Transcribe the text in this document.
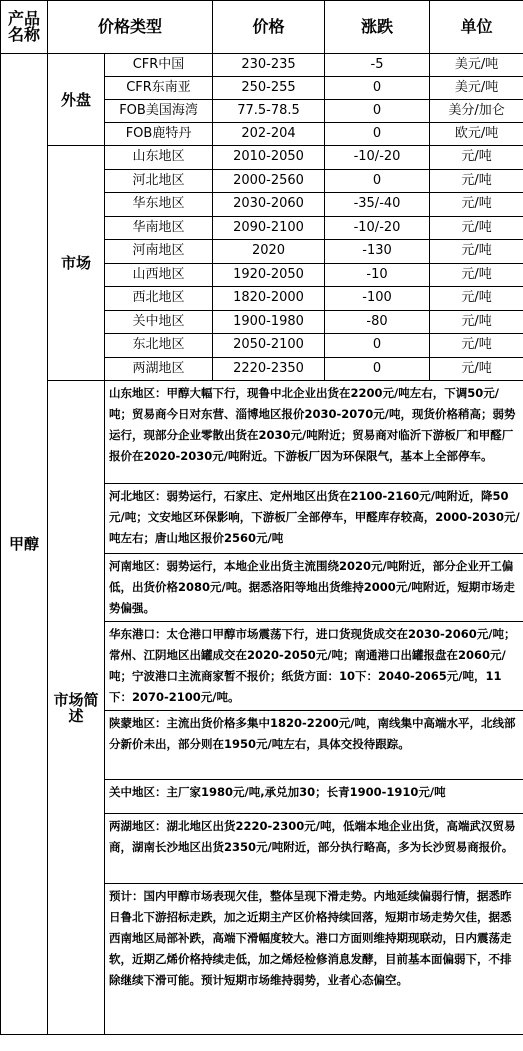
产品名称	价格类型		价格	涨跌	单位
甲醇	外盘	CFR中国	230-235	-5	美元/吨
		CFR东南亚	250-255	0	美元/吨
		FOB美国海湾	77.5-78.5	0	美分/加仑
		FOB鹿特丹	202-204	0	欧元/吨
	市场	山东地区	2010-2050	-10/-20	元/吨
		河北地区	2000-2560	0	元/吨
		华东地区	2030-2060	-35/-40	元/吨
		华南地区	2090-2100	-10/-20	元/吨
		河南地区	2020	-130	元/吨
		山西地区	1920-2050	-10	元/吨
		西北地区	1820-2000	-100	元/吨
		关中地区	1900-1980	-80	元/吨
		东北地区	2050-2100	0	元/吨
		两湖地区	2220-2350	0	元/吨
	市场简述	山东地区：甲醇大幅下行，现鲁中北企业出货在2200元/吨左右，下调50元/吨；贸易商今日对东营、淄博地区报价2030-2070元/吨，现货价格稍高；弱势运行，现部分企业零散出货在2030元/吨附近；贸易商对临沂下游板厂和甲醛厂报价在2020-2030元/吨附近。下游板厂因为环保限气，基本上全部停车。			
		河北地区：弱势运行，石家庄、定州地区出货在2100-2160元/吨附近，降50元/吨；文安地区环保影响，下游板厂全部停车，甲醛库存较高，2000-2030元/吨左右；唐山地区报价2560元/吨			
		河南地区：弱势运行，本地企业出货主流围绕2020元/吨附近，部分企业开工偏低，出货价格2080元/吨。据悉洛阳等地出货维持2000元/吨附近，短期市场走势偏强。			
		华东港口：太仓港口甲醇市场震荡下行，进口货现货成交在2030-2060元/吨；常州、江阴地区出罐成交在2020-2050元/吨；南通港口出罐报盘在2060元/吨；宁波港口主流商家暂不报价；纸货方面：10下：2040-2065元/吨，11下：2070-2100元/吨。			
		陕蒙地区：主流出货价格多集中1820-2200元/吨，南线集中高端水平，北线部分新价未出，部分则在1950元/吨左右，具体交投待跟踪。			
		关中地区：主厂家1980元/吨,承兑加30；长青1900-1910元/吨			
		两湖地区：湖北地区出货2220-2300元/吨，低端本地企业出货，高端武汉贸易商，湖南长沙地区出货2350元/吨附近，部分执行略高，多为长沙贸易商报价。			
		预计：国内甲醇市场表现欠佳，整体呈现下滑走势。内地延续偏弱行情，据悉昨日鲁北下游招标走跌，加之近期主产区价格持续回落，短期市场走势欠佳，据悉西南地区局部补跌，高端下滑幅度较大。港口方面则维持期现联动，日内震荡走软，近期乙烯价格持续走低，加之烯烃检修消息发酵，目前基本面偏弱下，不排除继续下滑可能。预计短期市场维持弱势，业者心态偏空。			
